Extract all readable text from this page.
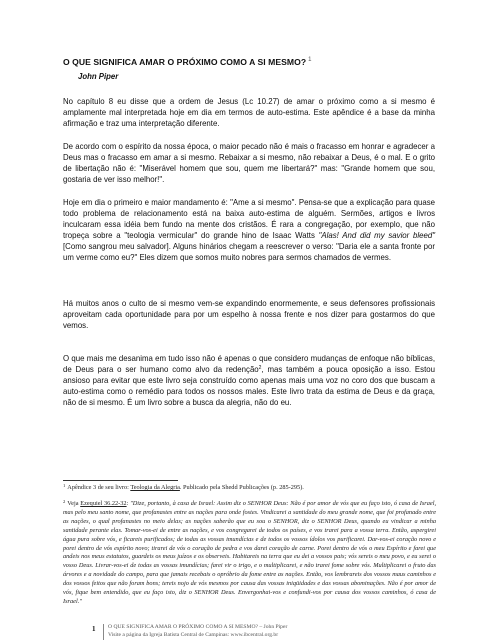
O QUE SIGNIFICA AMAR O PRÓXIMO COMO A SI MESMO? $^1$
John Piper

No capítulo 8 eu disse que a ordem de Jesus (Lc 10.27) de amar o próximo como a si mesmo é amplamente mal interpretada hoje em dia em termos de auto-estima. Este apêndice é a base da minha afirmação e traz uma interpretação diferente.

De acordo com o espírito da nossa época, o maior pecado não é mais o fracasso em honrar e agradecer a Deus mas o fracasso em amar a si mesmo. Rebaixar a si mesmo, não rebaixar a Deus, é o mal. E o grito de libertação não é: "Miserável homem que sou, quem me libertará?" mas: "Grande homem que sou, gostaria de ver isso melhor!".

Hoje em dia o primeiro e maior mandamento é: "Ame a si mesmo". Pensa-se que a explicação para quase todo problema de relacionamento está na baixa auto-estima de alguém. Sermões, artigos e livros inculcaram essa idéia bem fundo na mente dos cristãos. É rara a congregação, por exemplo, que não tropeça sobre a "teologia vermicular" do grande hino de Isaac Watts "Alas! And did my savior bleed" [Como sangrou meu salvador]. Alguns hinários chegam a reescrever o verso: "Daria ele a santa fronte por um verme como eu?" Eles dizem que somos muito nobres para sermos chamados de vermes.

Há muitos anos o culto de si mesmo vem-se expandindo enormemente, e seus defensores profissionais aproveitam cada oportunidade para por um espelho à nossa frente e nos dizer para gostarmos do que vemos.

O que mais me desanima em tudo isso não é apenas o que considero mudanças de enfoque não bíblicas, de Deus para o ser humano como alvo da redenção$^2$, mas também a pouca oposição a isso. Estou ansioso para evitar que este livro seja construído como apenas mais uma voz no coro dos que buscam a auto-estima como o remédio para todos os nossos males. Este livro trata da estima de Deus e da graça, não de si mesmo. É um livro sobre a busca da alegria, não do eu.

$^1$ Apêndice 3 de seu livro: Teologia da Alegria. Publicado pela Shedd Publicações (p. 285-295).

$^2$ Veja Ezequiel 36.22-32: "Dize, portanto, à casa de Israel: Assim diz o SENHOR Deus: Não é por amor de vós que eu faço isto, ó casa de Israel, mas pelo meu santo nome, que profanastes entre as nações para onde fostes. Vindicarei a santidade do meu grande nome, que foi profanado entre as nações, o qual profanastes no meio delas; as nações saberão que eu sou o SENHOR, diz o SENHOR Deus, quando eu vindicar a minha santidade perante elas. Tomar-vos-ei de entre as nações, e vos congregarei de todos os países, e vos trarei para a vossa terra. Então, aspergirei água pura sobre vós, e ficareis purificados; de todas as vossas imundícias e de todos os vossos ídolos vos purificarei. Dar-vos-ei coração novo e porei dentro de vós espírito novo; tirarei de vós o coração de pedra e vos darei coração de carne. Porei dentro de vós o meu Espírito e farei que andeis nos meus estatutos, guardeis os meus juízos e os observeis. Habitareis na terra que eu dei a vossos pais; vós sereis o meu povo, e eu serei o vosso Deus. Livrar-vos-ei de todas as vossas imundícias; farei vir o trigo, e o multiplicarei, e não trarei fome sobre vós. Multiplicarei o fruto das árvores e a novidade do campo, para que jamais recebais o opróbrio da fome entre as nações. Então, vos lembrareis dos vossos maus caminhos e dos vossos feitos que não foram bons; tereis nojo de vós mesmos por causa das vossas iniqüidades e das vossas abominações. Não é por amor de vós, fique bem entendido, que eu faço isto, diz o SENHOR Deus. Envergonhai-vos e confundi-vos por causa dos vossos caminhos, ó casa de Israel."

1 O QUE SIGNIFICA AMAR O PRÓXIMO COMO A SI MESMO? – John Piper
Visite a página da Igreja Batista Central de Campinas: www.ibcentral.org.br
